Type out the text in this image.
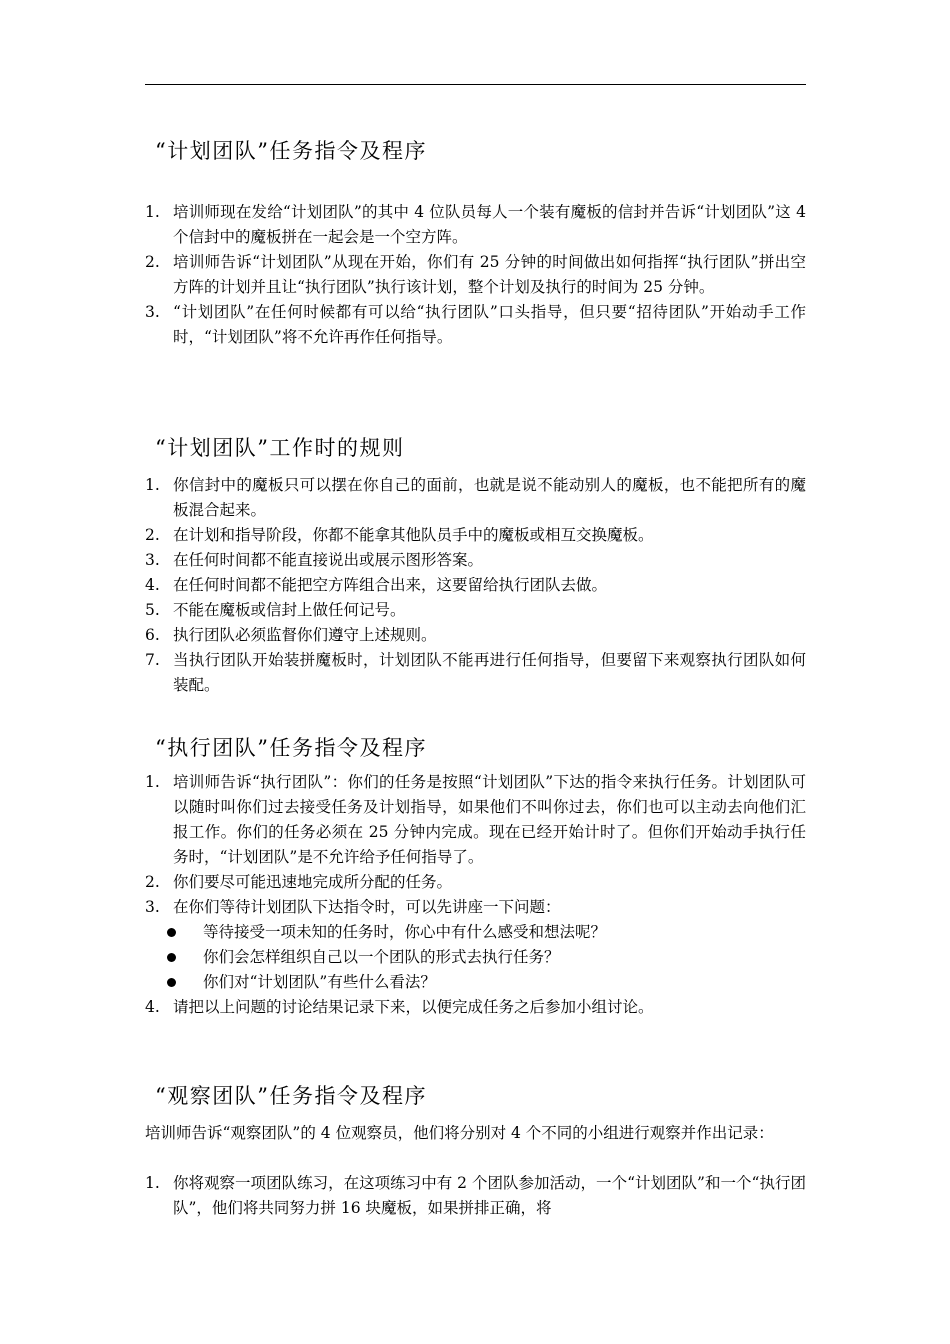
“计划团队”任务指令及程序
1. 培训师现在发给“计划团队”的其中 4 位队员每人一个装有魔板的信封并告诉“计划团队”这 4 个信封中的魔板拼在一起会是一个空方阵。
2. 培训师告诉“计划团队”从现在开始，你们有 25 分钟的时间做出如何指挥“执行团队”拼出空方阵的计划并且让“执行团队”执行该计划，整个计划及执行的时间为 25 分钟。
3. “计划团队”在任何时候都有可以给“执行团队”口头指导，但只要“招待团队”开始动手工作时，“计划团队”将不允许再作任何指导。
“计划团队”工作时的规则
1. 你信封中的魔板只可以摆在你自己的面前，也就是说不能动别人的魔板，也不能把所有的魔板混合起来。
2. 在计划和指导阶段，你都不能拿其他队员手中的魔板或相互交换魔板。
3. 在任何时间都不能直接说出或展示图形答案。
4. 在任何时间都不能把空方阵组合出来，这要留给执行团队去做。
5. 不能在魔板或信封上做任何记号。
6. 执行团队必须监督你们遵守上述规则。
7. 当执行团队开始装拼魔板时，计划团队不能再进行任何指导，但要留下来观察执行团队如何装配。
“执行团队”任务指令及程序
1. 培训师告诉“执行团队”：你们的任务是按照“计划团队”下达的指令来执行任务。计划团队可以随时叫你们过去接受任务及计划指导，如果他们不叫你过去，你们也可以主动去向他们汇报工作。你们的任务必须在 25 分钟内完成。现在已经开始计时了。但你们开始动手执行任务时，“计划团队”是不允许给予任何指导了。
2. 你们要尽可能迅速地完成所分配的任务。
3. 在你们等待计划团队下达指令时，可以先讲座一下问题：
等待接受一项未知的任务时，你心中有什么感受和想法呢？
你们会怎样组织自己以一个团队的形式去执行任务？
你们对“计划团队”有些什么看法？
4. 请把以上问题的讨论结果记录下来，以便完成任务之后参加小组讨论。
“观察团队”任务指令及程序

培训师告诉“观察团队”的 4 位观察员，他们将分别对 4 个不同的小组进行观察并作出记录：

1. 你将观察一项团队练习，在这项练习中有 2 个团队参加活动，一个“计划团队”和一个“执行团队”，他们将共同努力拼 16 块魔板，如果拼排正确，将
